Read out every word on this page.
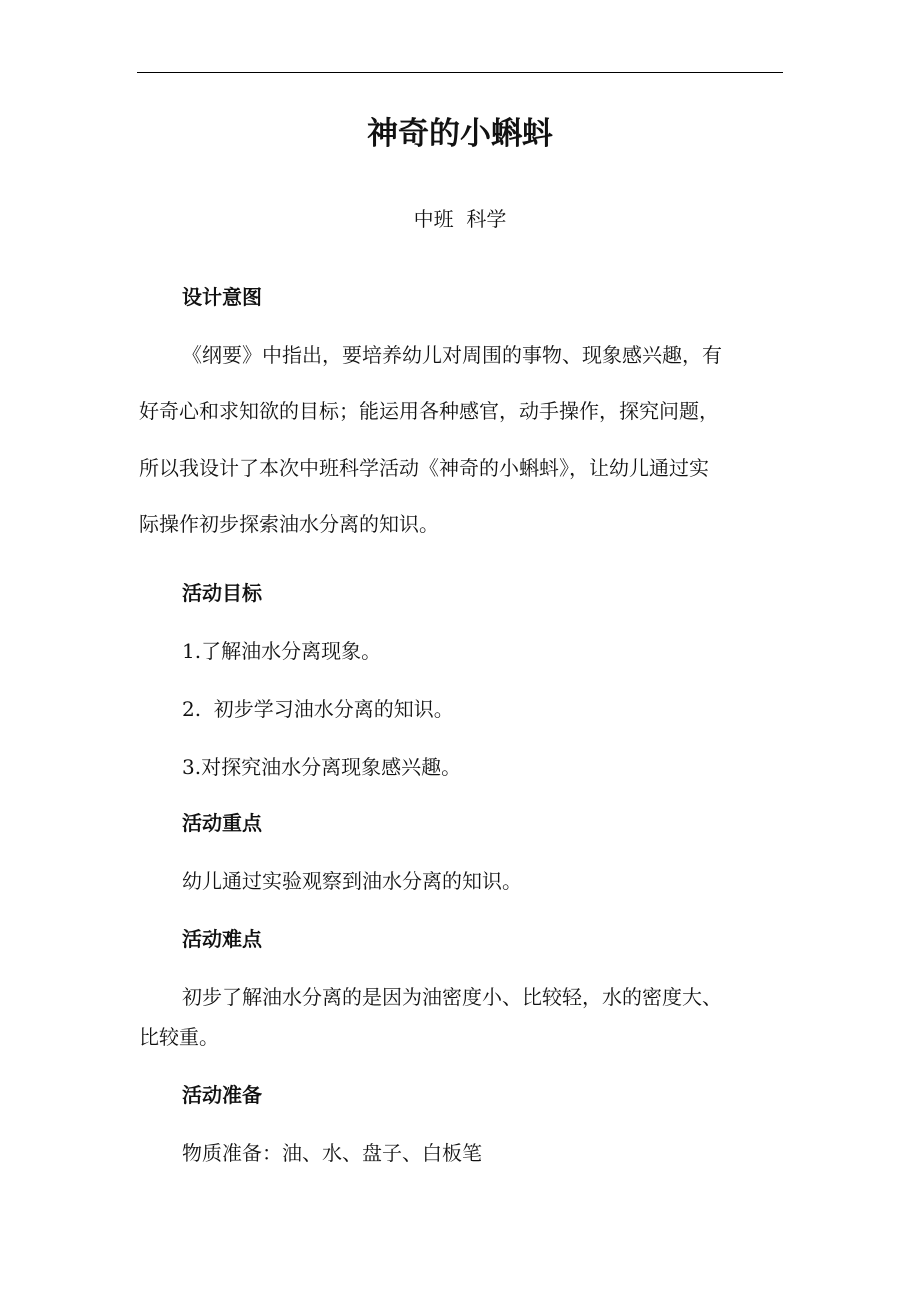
神奇的小蝌蚪
中班  科学
设计意图
《纲要》中指出，要培养幼儿对周围的事物、现象感兴趣，有
好奇心和求知欲的目标；能运用各种感官，动手操作，探究问题，
所以我设计了本次中班科学活动《神奇的小蝌蚪》，让幼儿通过实
际操作初步探索油水分离的知识。
活动目标
1.了解油水分离现象。
2.  初步学习油水分离的知识。
3.对探究油水分离现象感兴趣。
活动重点
幼儿通过实验观察到油水分离的知识。
活动难点
初步了解油水分离的是因为油密度小、比较轻，水的密度大、
比较重。
活动准备
物质准备：油、水、盘子、白板笔
